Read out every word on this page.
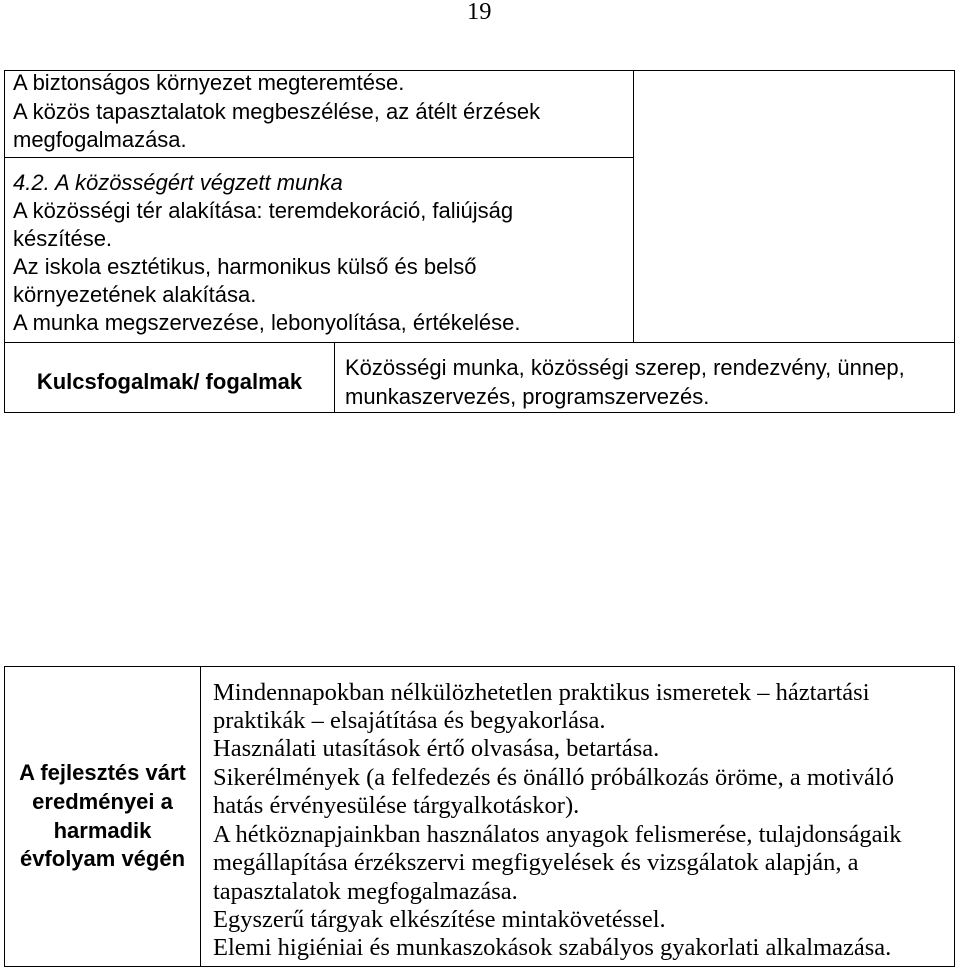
19
A biztonságos környezet megteremtése.
A közös tapasztalatok megbeszélése, az átélt érzések
megfogalmazása.
4.2. A közösségért végzett munka
A közösségi tér alakítása: teremdekoráció, faliújság
készítése.
Az iskola esztétikus, harmonikus külső és belső
környezetének alakítása.
A munka megszervezése, lebonyolítása, értékelése.
Kulcsfogalmak/ fogalmak
Közösségi munka, közösségi szerep, rendezvény, ünnep,
munkaszervezés, programszervezés.
A fejlesztés várt
eredményei a
harmadik
évfolyam végén
Mindennapokban nélkülözhetetlen praktikus ismeretek – háztartási
praktikák – elsajátítása és begyakorlása.
Használati utasítások értő olvasása, betartása.
Sikerélmények (a felfedezés és önálló próbálkozás öröme, a motiváló
hatás érvényesülése tárgyalkotáskor).
A hétköznapjainkban használatos anyagok felismerése, tulajdonságaik
megállapítása érzékszervi megfigyelések és vizsgálatok alapján, a
tapasztalatok megfogalmazása.
Egyszerű tárgyak elkészítése mintakövetéssel.
Elemi higiéniai és munkaszokások szabályos gyakorlati alkalmazása.
